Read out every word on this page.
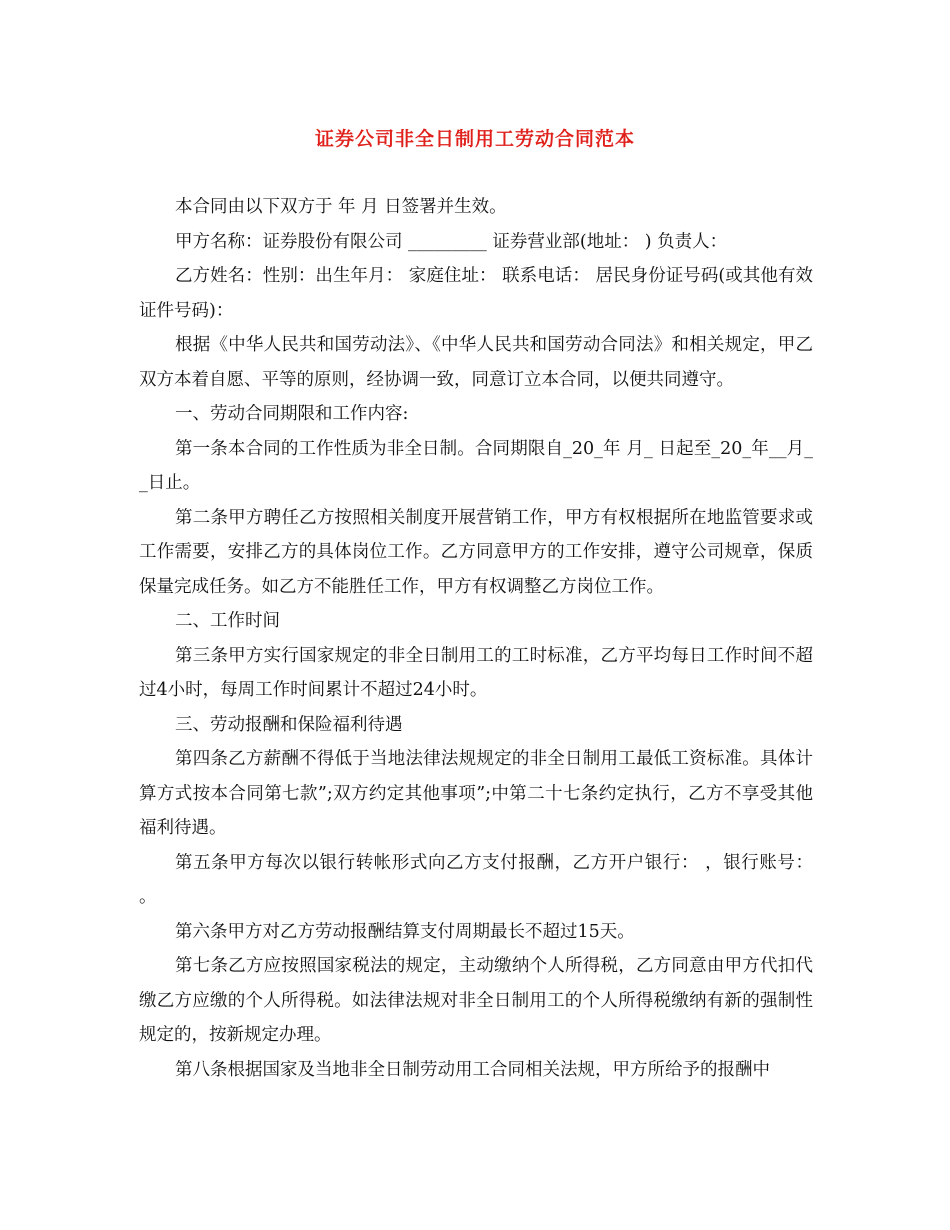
证券公司非全日制用工劳动合同范本

本合同由以下双方于 年 月 日签署并生效。

甲方名称：证券股份有限公司 _________ 证券营业部(地址： ) 负责人：

乙方姓名：性别：出生年月： 家庭住址： 联系电话： 居民身份证号码(或其他有效证件号码)：

根据《中华人民共和国劳动法》、《中华人民共和国劳动合同法》和相关规定，甲乙双方本着自愿、平等的原则，经协调一致，同意订立本合同，以便共同遵守。

一、劳动合同期限和工作内容:

第一条本合同的工作性质为非全日制。合同期限自_20_年 月_ 日起至_20_年__月__日止。

第二条甲方聘任乙方按照相关制度开展营销工作，甲方有权根据所在地监管要求或工作需要，安排乙方的具体岗位工作。乙方同意甲方的工作安排，遵守公司规章，保质保量完成任务。如乙方不能胜任工作，甲方有权调整乙方岗位工作。

二、工作时间

第三条甲方实行国家规定的非全日制用工的工时标准，乙方平均每日工作时间不超过4小时，每周工作时间累计不超过24小时。

三、劳动报酬和保险福利待遇

第四条乙方薪酬不得低于当地法律法规规定的非全日制用工最低工资标准。具体计算方式按本合同第七款”;双方约定其他事项”;中第二十七条约定执行，乙方不享受其他福利待遇。

第五条甲方每次以银行转帐形式向乙方支付报酬，乙方开户银行： ，银行账号： 。

第六条甲方对乙方劳动报酬结算支付周期最长不超过15天。

第七条乙方应按照国家税法的规定，主动缴纳个人所得税，乙方同意由甲方代扣代缴乙方应缴的个人所得税。如法律法规对非全日制用工的个人所得税缴纳有新的强制性规定的，按新规定办理。

第八条根据国家及当地非全日制劳动用工合同相关法规，甲方所给予的报酬中
